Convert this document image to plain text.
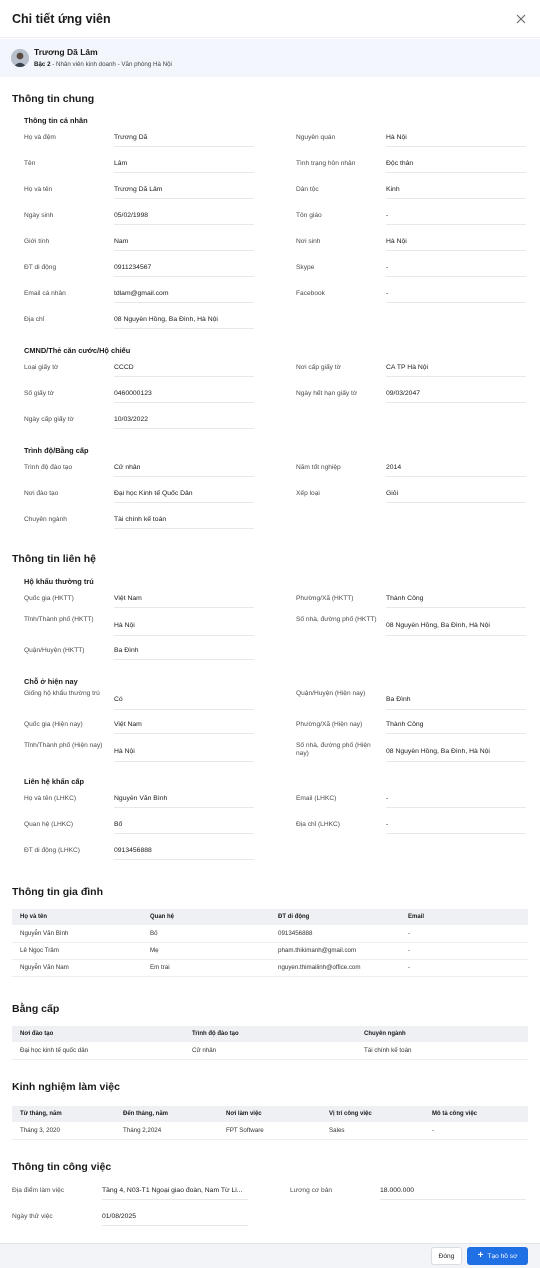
Chi tiết ứng viên
Trương Dã Lâm
Bậc 2 - Nhân viên kinh doanh - Văn phòng Hà Nội
Thông tin chung
Thông tin cá nhân
Họ và đệm	Trương Dã
Tên	Lâm
Họ và tên	Trương Dã Lâm
Ngày sinh	05/02/1998
Giới tính	Nam
ĐT di động	0911234567
Email cá nhân	tdlam@gmail.com
Địa chỉ	08 Nguyễn Hồng, Ba Đình, Hà Nội
Nguyên quán	Hà Nội
Tình trạng hôn nhân	Độc thân
Dân tộc	Kinh
Tôn giáo	-
Nơi sinh	Hà Nội
Skype	-
Facebook	-
CMND/Thẻ căn cước/Hộ chiếu
Loại giấy tờ	CCCD
Số giấy tờ	0460000123
Ngày cấp giấy tờ	10/03/2022
Nơi cấp giấy tờ	CA TP Hà Nội
Ngày hết hạn giấy tờ	09/03/2047
Trình độ/Bằng cấp
Trình độ đào tạo	Cử nhân
Nơi đào tạo	Đại học Kinh tế Quốc Dân
Chuyên ngành	Tài chính kế toán
Năm tốt nghiệp	2014
Xếp loại	Giỏi
Thông tin liên hệ
Hộ khẩu thường trú
Quốc gia (HKTT)	Việt Nam
Tỉnh/Thành phố (HKTT)
Hà Nội
Quận/Huyện (HKTT)	Ba Đình
Phường/Xã (HKTT)	Thành Công
Số nhà, đường phố (HKTT)
08 Nguyễn Hồng, Ba Đình, Hà Nội
Chỗ ở hiện nay
Giống hộ khẩu thường trú
Có
Quốc gia (Hiện nay)	Việt Nam
Tỉnh/Thành phố (Hiện nay)
Hà Nội
Quận/Huyện (Hiện nay)
Ba Đình
Phường/Xã (Hiện nay)	Thành Công
Số nhà, đường phố (Hiện nay)	08 Nguyễn Hồng, Ba Đình, Hà Nội
Liên hệ khẩn cấp
Họ và tên (LHKC)	Nguyễn Văn Bình
Quan hệ (LHKC)	Bố
ĐT di động (LHKC)	0913456888
Email (LHKC)	-
Địa chỉ (LHKC)	-
Thông tin gia đình
Họ và tên	Quan hệ	ĐT di động	Email
Nguyễn Văn Bình	Bố	0913456888	-
Lê Ngọc Trâm	Mẹ	pham.thikimanh@gmail.com	-
Nguyễn Văn Nam	Em trai	nguyen.thimailinh@office.com	-
Bằng cấp
Nơi đào tạo	Trình độ đào tạo	Chuyên ngành
Đại học kinh tế quốc dân	Cử nhân	Tài chính kế toán
Kinh nghiệm làm việc
Từ tháng, năm	Đến tháng, năm	Nơi làm việc	Vị trí công việc	Mô tả công việc
Tháng 3, 2020	Tháng 2,2024	FPT Software	Sales	-
Thông tin công việc
Địa điểm làm việc	Tầng 4, N03-T1 Ngoại giao đoàn, Nam Từ Li...
Ngày thử việc	01/08/2025
Lương cơ bản	18.000.000
Đóng	+ Tạo hồ sơ
